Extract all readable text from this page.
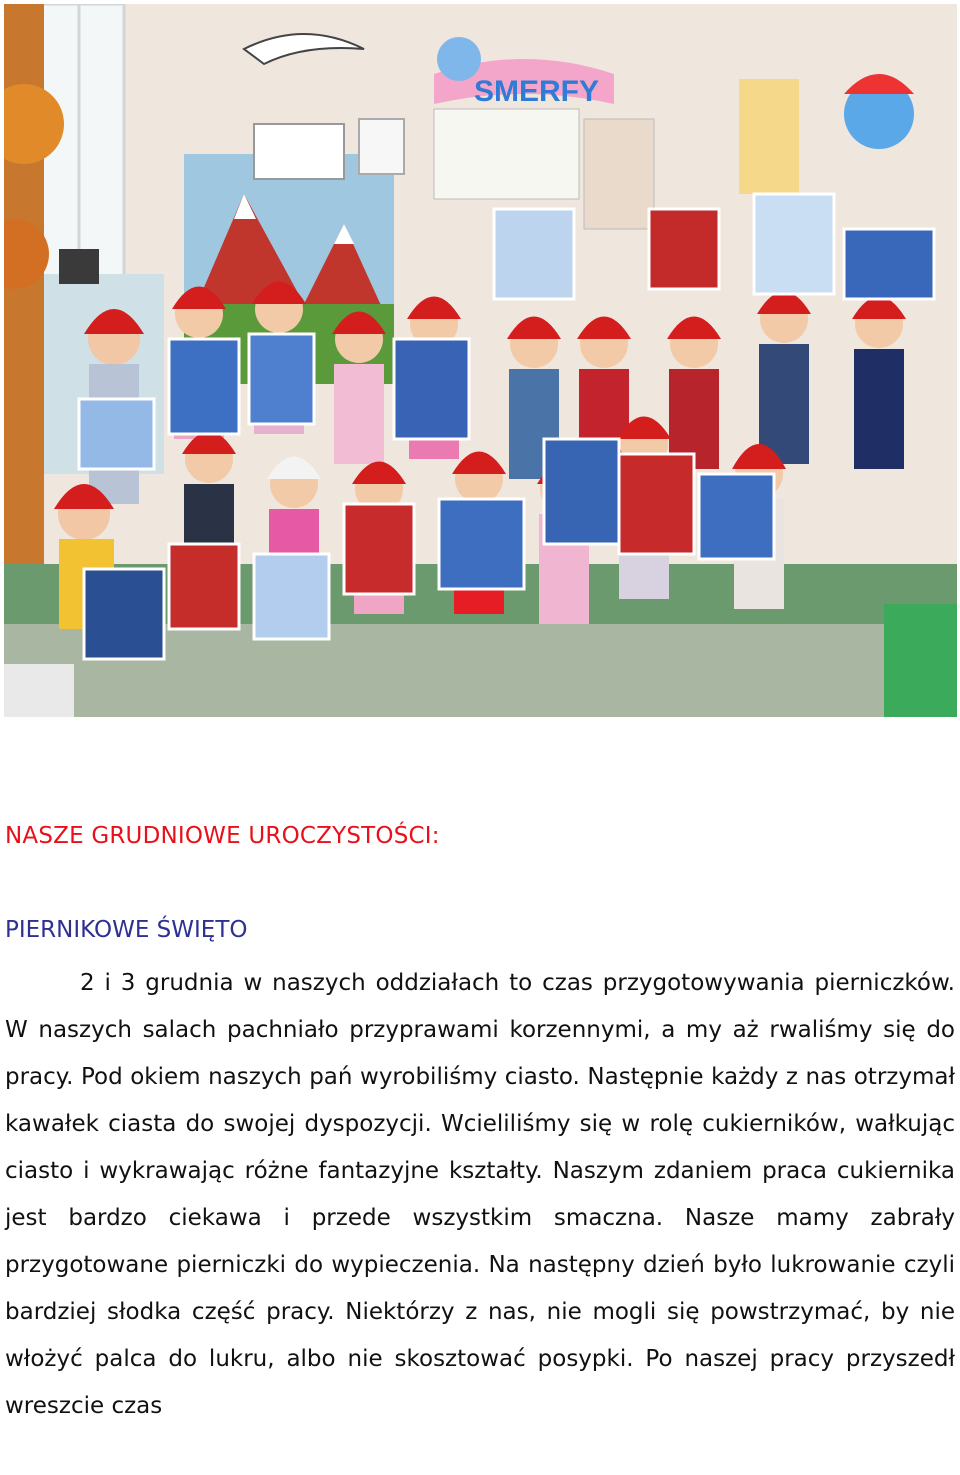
SMERFY
NASZE GRUDNIOWE UROCZYSTOŚCI:
PIERNIKOWE ŚWIĘTO

2 i 3 grudnia w naszych oddziałach to czas przygotowywania pierniczków. W naszych salach pachniało przyprawami korzennymi, a my aż rwaliśmy się do pracy. Pod okiem naszych pań wyrobiliśmy ciasto. Następnie każdy z nas otrzymał kawałek ciasta do swojej dyspozycji. Wcieliliśmy się w rolę cukierników, wałkując ciasto i wykrawając różne fantazyjne kształty. Naszym zdaniem praca cukiernika jest bardzo ciekawa i przede wszystkim smaczna. Nasze mamy zabrały przygotowane pierniczki do wypieczenia. Na następny dzień było lukrowanie czyli bardziej słodka część pracy. Niektórzy z nas, nie mogli się powstrzymać, by nie włożyć palca do lukru, albo nie skosztować posypki. Po naszej pracy przyszedł wreszcie czas
